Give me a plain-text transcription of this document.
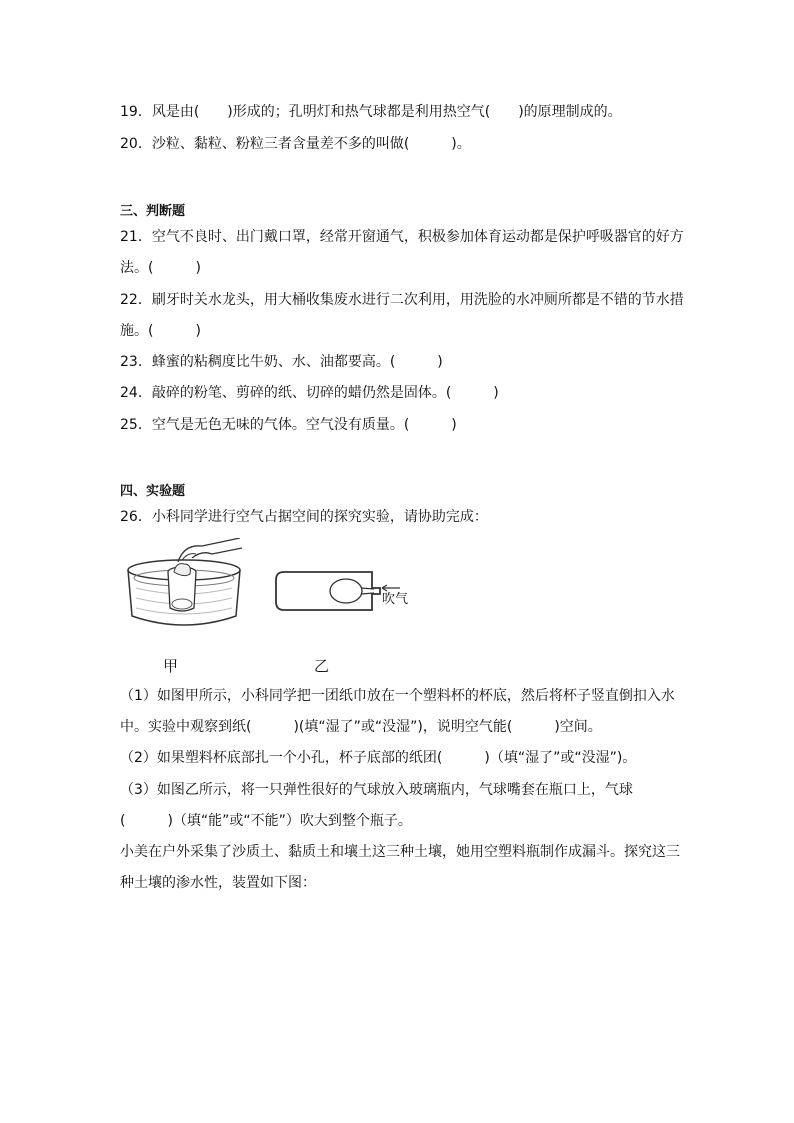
19．风是由(　　)形成的；孔明灯和热气球都是利用热空气(　　)的原理制成的。
20．沙粒、黏粒、粉粒三者含量差不多的叫做(　　　)。
三、判断题
21．空气不良时、出门戴口罩，经常开窗通气，积极参加体育运动都是保护呼吸器官的好方
法。(　　　)
22．刷牙时关水龙头，用大桶收集废水进行二次利用，用洗脸的水冲厕所都是不错的节水措
施。(　　　)
23．蜂蜜的粘稠度比牛奶、水、油都要高。(　　　)
24．敲碎的粉笔、剪碎的纸、切碎的蜡仍然是固体。(　　　)
25．空气是无色无味的气体。空气没有质量。(　　　)
四、实验题
26．小科同学进行空气占据空间的探究实验，请协助完成：
吹气
甲	乙
（1）如图甲所示，小科同学把一团纸巾放在一个塑料杯的杯底，然后将杯子竖直倒扣入水
中。实验中观察到纸(　　　)(填“湿了”或“没湿”)，说明空气能(　　　)空间。
（2）如果塑料杯底部扎一个小孔，杯子底部的纸团(　　　)（填“湿了”或“没湿”)。
（3）如图乙所示，将一只弹性很好的气球放入玻璃瓶内，气球嘴套在瓶口上，气球
(　　　)（填“能”或“不能”）吹大到整个瓶子。
小美在户外采集了沙质土、黏质土和壤土这三种土壤，她用空塑料瓶制作成漏斗。探究这三
种土壤的渗水性，装置如下图：
